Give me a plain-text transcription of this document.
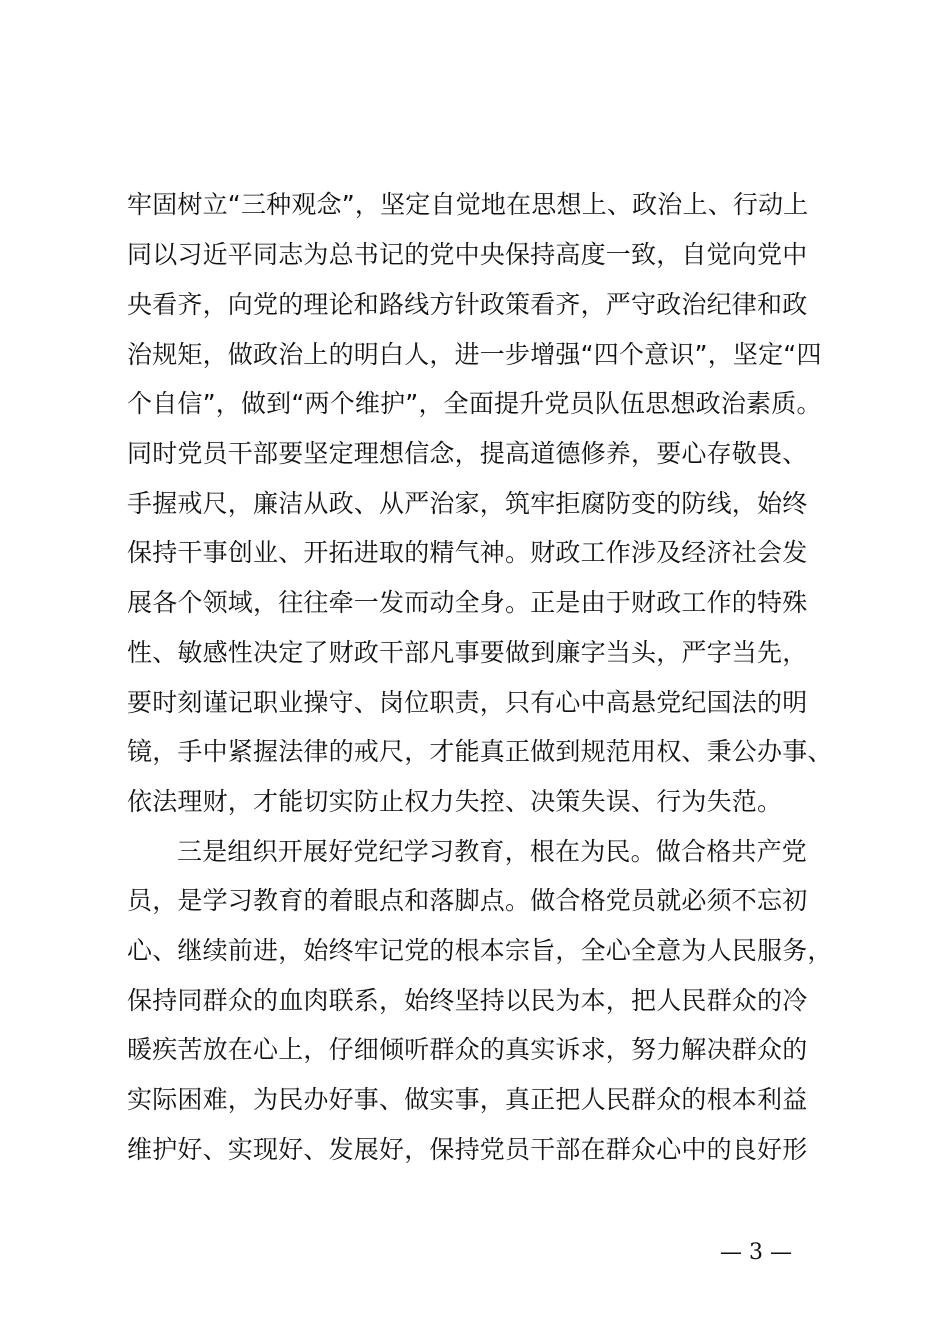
牢固树立“三种观念”，坚定自觉地在思想上、政治上、行动上
同以习近平同志为总书记的党中央保持高度一致，自觉向党中
央看齐，向党的理论和路线方针政策看齐，严守政治纪律和政
治规矩，做政治上的明白人，进一步增强“四个意识”，坚定“四
个自信”，做到“两个维护”，全面提升党员队伍思想政治素质。
同时党员干部要坚定理想信念，提高道德修养，要心存敬畏、
手握戒尺，廉洁从政、从严治家，筑牢拒腐防变的防线，始终
保持干事创业、开拓进取的精气神。财政工作涉及经济社会发
展各个领域，往往牵一发而动全身。正是由于财政工作的特殊
性、敏感性决定了财政干部凡事要做到廉字当头，严字当先，
要时刻谨记职业操守、岗位职责，只有心中高悬党纪国法的明
镜，手中紧握法律的戒尺，才能真正做到规范用权、秉公办事、
依法理财，才能切实防止权力失控、决策失误、行为失范。
三是组织开展好党纪学习教育，根在为民。做合格共产党
员，是学习教育的着眼点和落脚点。做合格党员就必须不忘初
心、继续前进，始终牢记党的根本宗旨，全心全意为人民服务，
保持同群众的血肉联系，始终坚持以民为本，把人民群众的冷
暖疾苦放在心上，仔细倾听群众的真实诉求，努力解决群众的
实际困难，为民办好事、做实事，真正把人民群众的根本利益
维护好、实现好、发展好，保持党员干部在群众心中的良好形
— 3 —
